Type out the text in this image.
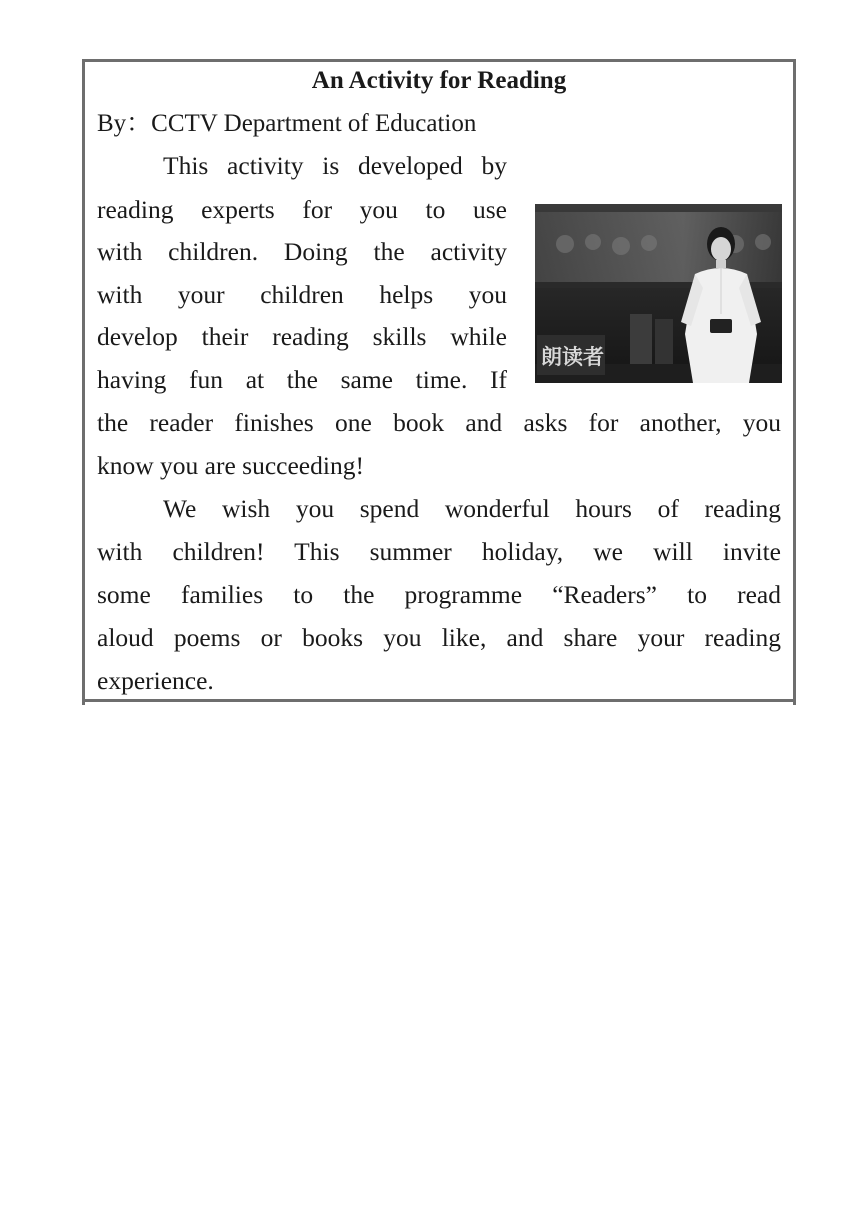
An Activity for Reading

By：CCTV Department of Education

This activity is developed by

reading experts for you to use

with children. Doing the activity

with your children helps you

develop their reading skills while

having fun at the same time. If

the reader finishes one book and asks for another, you

know you are succeeding!

We wish you spend wonderful hours of reading

with children! This summer holiday, we will invite

some families to the programme “Readers” to read

aloud poems or books you like, and share your reading

experience.

朗读者
